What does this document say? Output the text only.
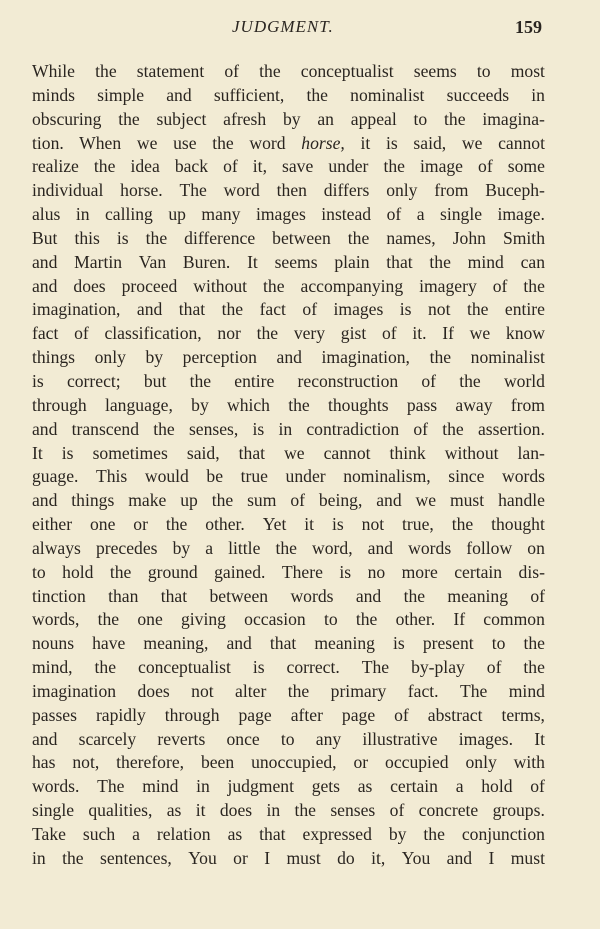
JUDGMENT.	159
While the statement of the conceptualist seems to most
minds simple and sufficient, the nominalist succeeds in
obscuring the subject afresh by an appeal to the imagina-
tion. When we use the word horse, it is said, we cannot
realize the idea back of it, save under the image of some
individual horse. The word then differs only from Buceph-
alus in calling up many images instead of a single image.
But this is the difference between the names, John Smith
and Martin Van Buren. It seems plain that the mind can
and does proceed without the accompanying imagery of the
imagination, and that the fact of images is not the entire
fact of classification, nor the very gist of it. If we know
things only by perception and imagination, the nominalist
is correct; but the entire reconstruction of the world
through language, by which the thoughts pass away from
and transcend the senses, is in contradiction of the assertion.
It is sometimes said, that we cannot think without lan-
guage. This would be true under nominalism, since words
and things make up the sum of being, and we must handle
either one or the other. Yet it is not true, the thought
always precedes by a little the word, and words follow on
to hold the ground gained. There is no more certain dis-
tinction than that between words and the meaning of
words, the one giving occasion to the other. If common
nouns have meaning, and that meaning is present to the
mind, the conceptualist is correct. The by-play of the
imagination does not alter the primary fact. The mind
passes rapidly through page after page of abstract terms,
and scarcely reverts once to any illustrative images. It
has not, therefore, been unoccupied, or occupied only with
words. The mind in judgment gets as certain a hold of
single qualities, as it does in the senses of concrete groups.
Take such a relation as that expressed by the conjunction
in the sentences, You or I must do it, You and I must
